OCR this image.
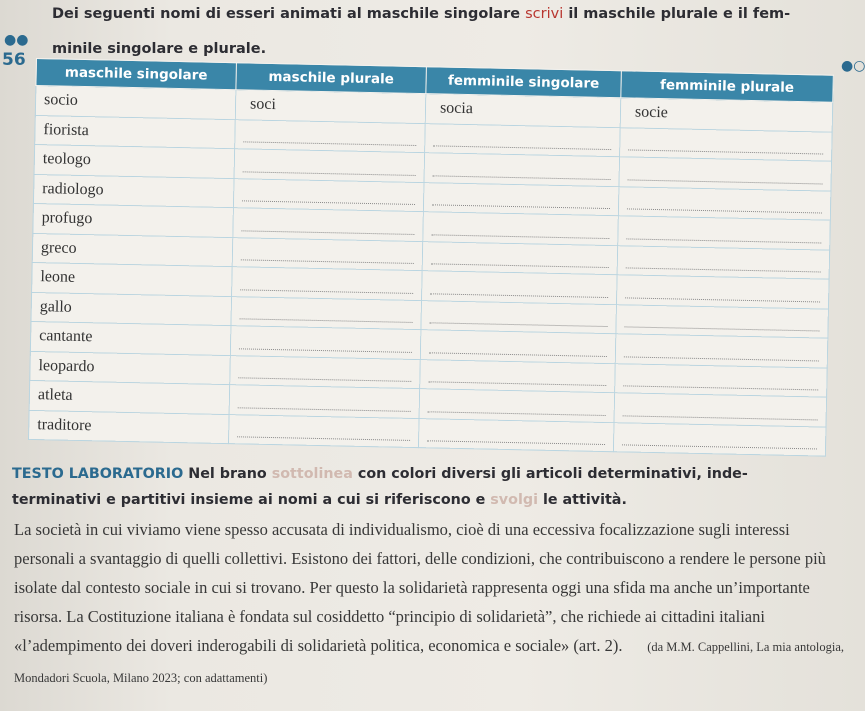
●●
56

Dei seguenti nomi di esseri animati al maschile singolare scrivi il maschile plurale e il fem-

minile singolare e plurale.

●○
maschile singolare	maschile plurale	femminile singolare	femminile plurale
socio	soci	socia	socie
fiorista			
teologo			
radiologo			
profugo			
greco			
leone			
gallo			
cantante			
leopardo			
atleta			
traditore			

TESTO LABORATORIO Nel brano sottolinea con colori diversi gli articoli determinativi, inde-
terminativi e partitivi insieme ai nomi a cui si riferiscono e svolgi le attività.

La società in cui viviamo viene spesso accusata di individualismo, cioè di una eccessiva focalizzazione sugli interessi personali a svantaggio di quelli collettivi. Esistono dei fattori, delle condizioni, che contribuiscono a rendere le persone più isolate dal contesto sociale in cui si trovano. Per questo la solidarietà rappresenta oggi una sfida ma anche un’importante risorsa. La Costituzione italiana è fondata sul cosiddetto “principio di solidarietà”, che richiede ai cittadini italiani «l’adempimento dei doveri inderogabili di solidarietà politica, economica e sociale» (art. 2). (da M.M. Cappellini, La mia antologia, Mondadori Scuola, Milano 2023; con adattamenti)
